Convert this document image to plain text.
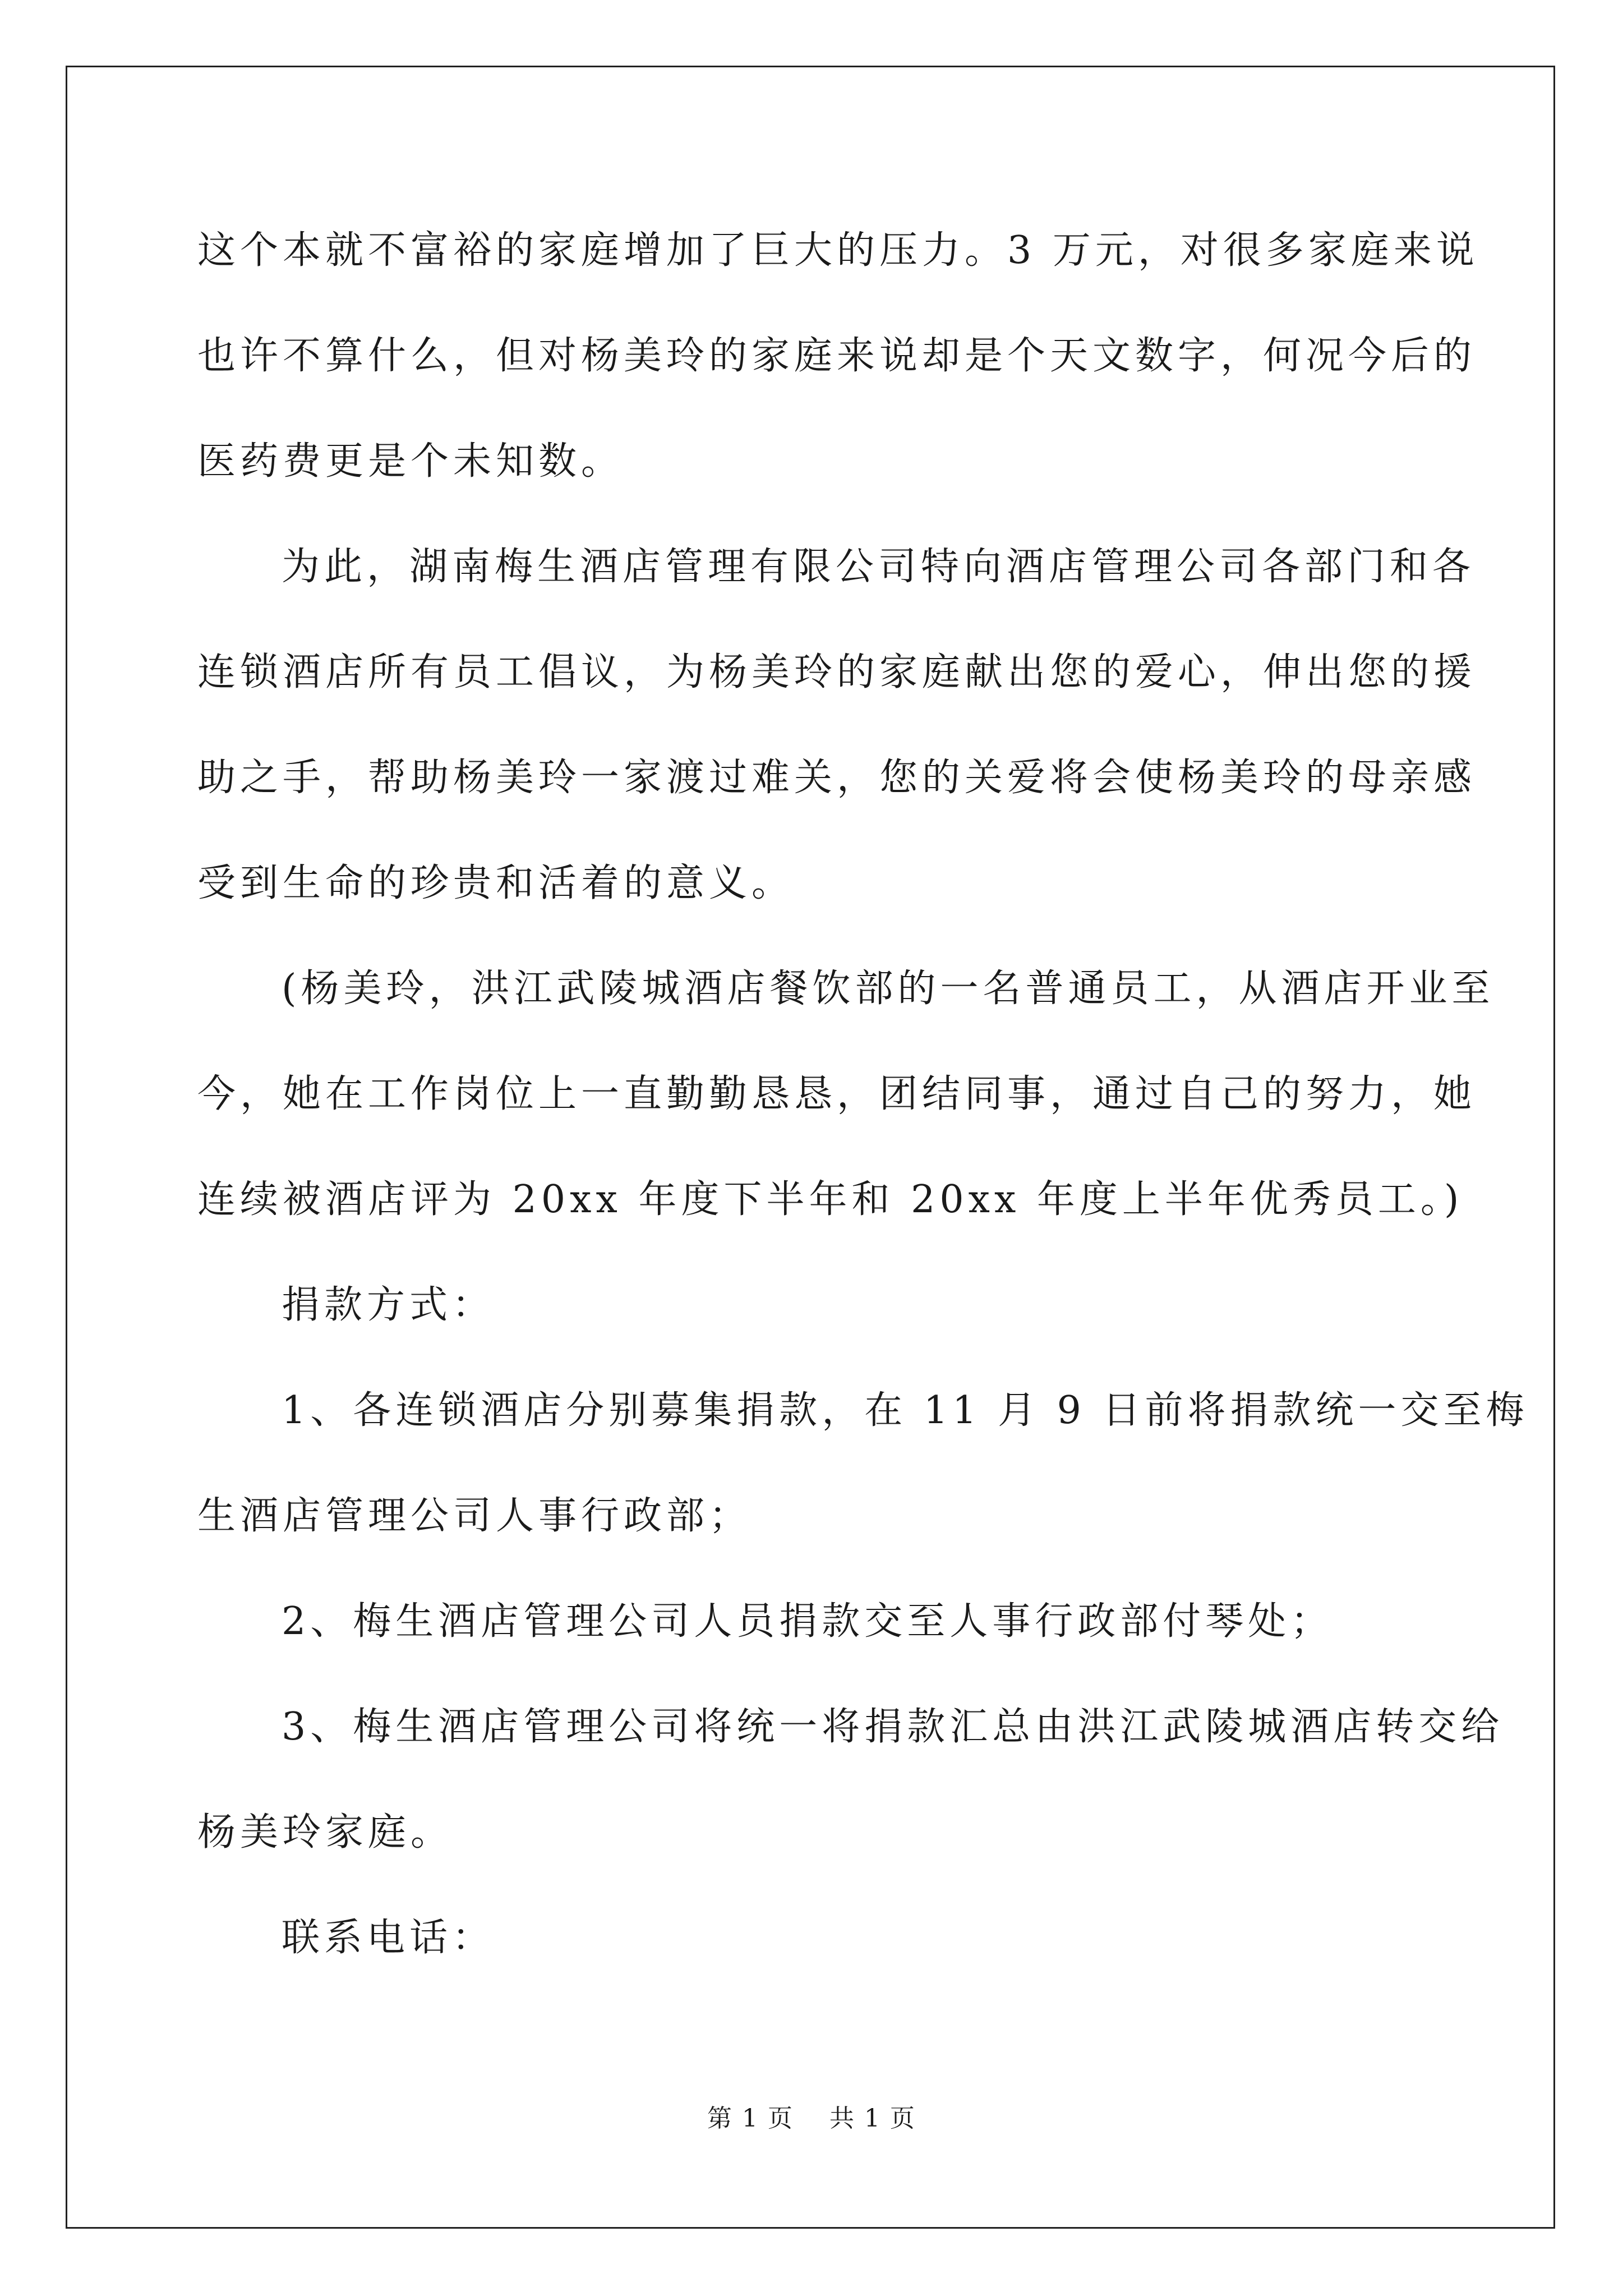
这个本就不富裕的家庭增加了巨大的压力。3 万元，对很多家庭来说
也许不算什么，但对杨美玲的家庭来说却是个天文数字，何况今后的
医药费更是个未知数。
为此，湖南梅生酒店管理有限公司特向酒店管理公司各部门和各
连锁酒店所有员工倡议，为杨美玲的家庭献出您的爱心，伸出您的援
助之手，帮助杨美玲一家渡过难关，您的关爱将会使杨美玲的母亲感
受到生命的珍贵和活着的意义。
(杨美玲，洪江武陵城酒店餐饮部的一名普通员工，从酒店开业至
今，她在工作岗位上一直勤勤恳恳，团结同事，通过自己的努力，她
连续被酒店评为 20xx 年度下半年和 20xx 年度上半年优秀员工。)
捐款方式：
1、各连锁酒店分别募集捐款，在 11 月 9 日前将捐款统一交至梅
生酒店管理公司人事行政部；
2、梅生酒店管理公司人员捐款交至人事行政部付琴处；
3、梅生酒店管理公司将统一将捐款汇总由洪江武陵城酒店转交给
杨美玲家庭。
联系电话：
第 1 页    共 1 页
